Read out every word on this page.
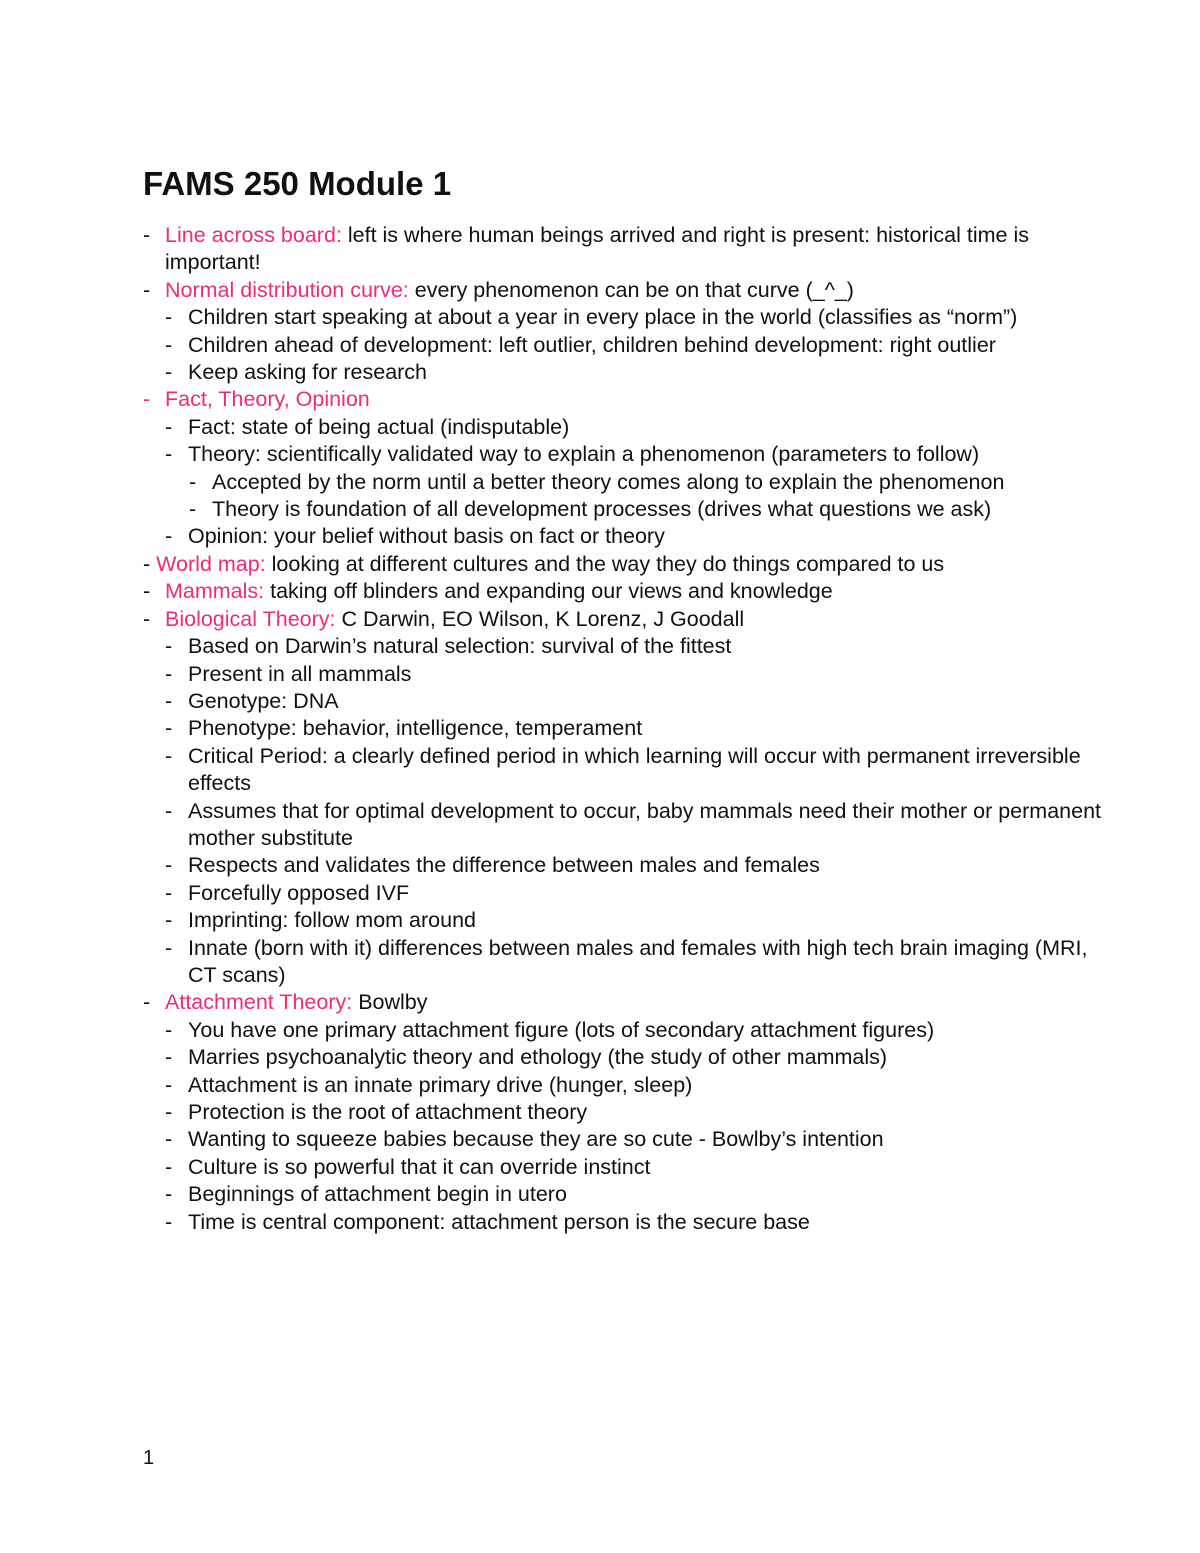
FAMS 250 Module 1
- Line across board: left is where human beings arrived and right is present: historical time is important!
- Normal distribution curve: every phenomenon can be on that curve (_^_)
- Children start speaking at about a year in every place in the world (classifies as “norm”)
- Children ahead of development: left outlier, children behind development: right outlier
- Keep asking for research
- Fact, Theory, Opinion
- Fact: state of being actual (indisputable)
- Theory: scientifically validated way to explain a phenomenon (parameters to follow)
- Accepted by the norm until a better theory comes along to explain the phenomenon
- Theory is foundation of all development processes (drives what questions we ask)
- Opinion: your belief without basis on fact or theory
- World map: looking at different cultures and the way they do things compared to us
- Mammals: taking off blinders and expanding our views and knowledge
- Biological Theory: C Darwin, EO Wilson, K Lorenz, J Goodall
- Based on Darwin’s natural selection: survival of the fittest
- Present in all mammals
- Genotype: DNA
- Phenotype: behavior, intelligence, temperament
- Critical Period: a clearly defined period in which learning will occur with permanent irreversible effects
- Assumes that for optimal development to occur, baby mammals need their mother or permanent mother substitute
- Respects and validates the difference between males and females
- Forcefully opposed IVF
- Imprinting: follow mom around
- Innate (born with it) differences between males and females with high tech brain imaging (MRI, CT scans)
- Attachment Theory: Bowlby
- You have one primary attachment figure (lots of secondary attachment figures)
- Marries psychoanalytic theory and ethology (the study of other mammals)
- Attachment is an innate primary drive (hunger, sleep)
- Protection is the root of attachment theory
- Wanting to squeeze babies because they are so cute - Bowlby’s intention
- Culture is so powerful that it can override instinct
- Beginnings of attachment begin in utero
- Time is central component: attachment person is the secure base
1
